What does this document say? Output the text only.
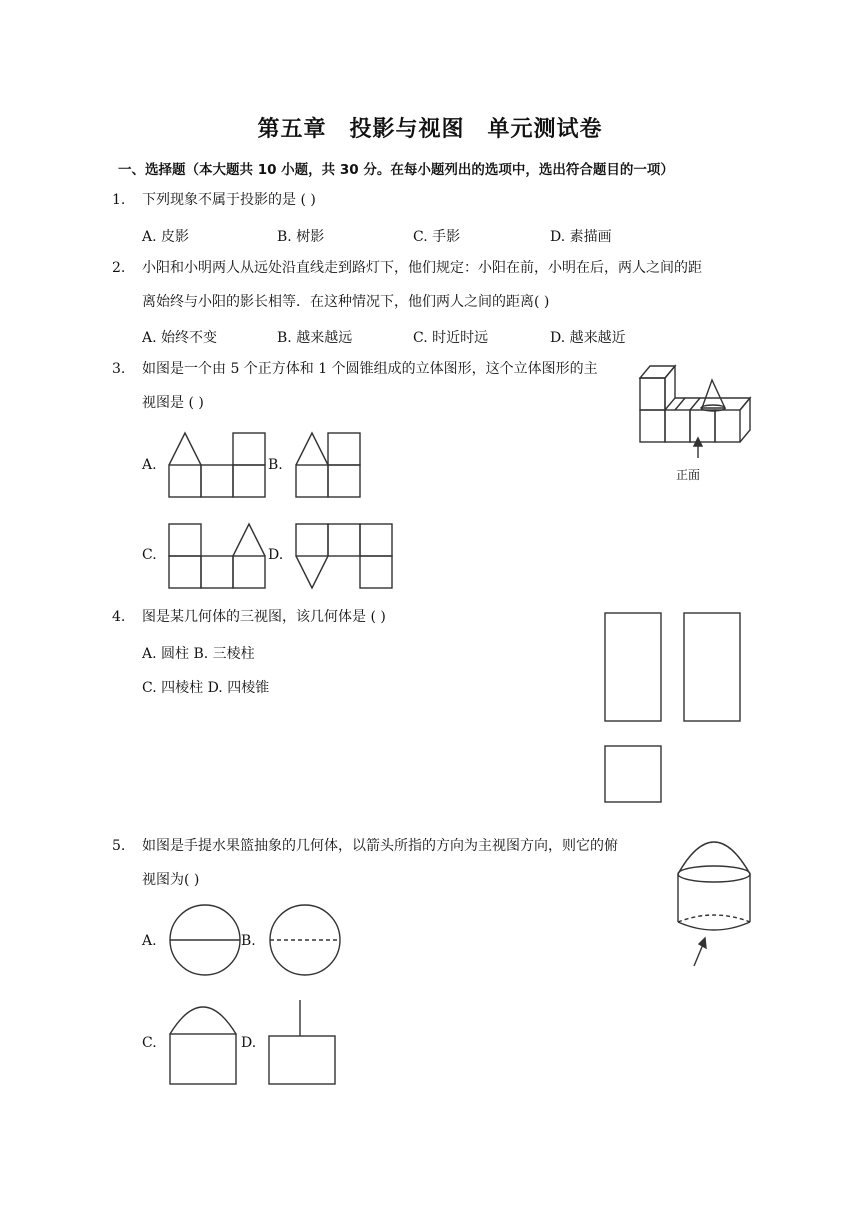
第五章　投影与视图　单元测试卷
一、选择题（本大题共 10 小题，共 30 分。在每小题列出的选项中，选出符合题目的一项）
1. 下列现象不属于投影的是 ( )
A. 皮影	B. 树影	C. 手影	D. 素描画
2. 小阳和小明两人从远处沿直线走到路灯下，他们规定：小阳在前，小明在后，两人之间的距
离始终与小阳的影长相等．在这种情况下，他们两人之间的距离( )
A. 始终不变	B. 越来越远	C. 时近时远	D. 越来越近
3. 如图是一个由 5 个正方体和 1 个圆锥组成的立体图形，这个立体图形的主
视图是 ( )
正面
A.	B.
C.	D.
4. 图是某几何体的三视图，该几何体是 ( )
A. 圆柱 B. 三棱柱
C. 四棱柱 D. 四棱锥
5. 如图是手提水果篮抽象的几何体，以箭头所指的方向为主视图方向，则它的俯
视图为( )
A.	B.
C.	D.
